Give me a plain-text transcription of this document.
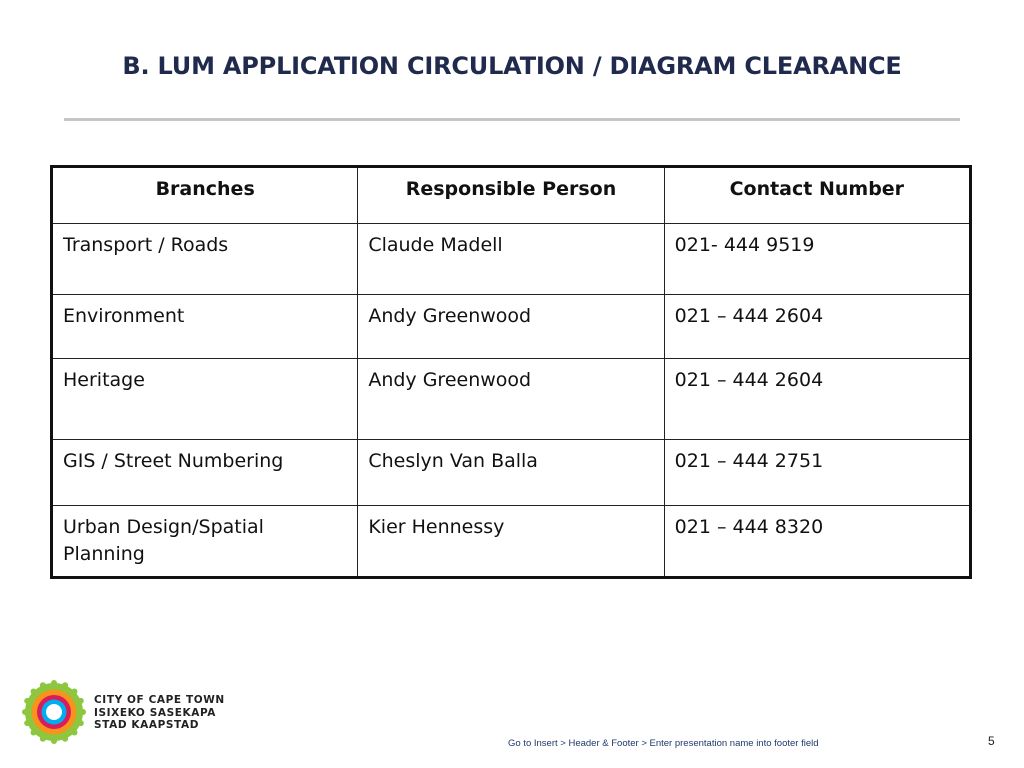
B. LUM APPLICATION CIRCULATION / DIAGRAM CLEARANCE
Branches	Responsible Person	Contact Number
Transport / Roads	Claude Madell	021- 444 9519
Environment	Andy Greenwood	021 – 444 2604
Heritage	Andy Greenwood	021 – 444 2604
GIS / Street Numbering	Cheslyn Van Balla	021 – 444 2751
Urban Design/Spatial Planning	Kier Hennessy	021 – 444 8320
CITY OF CAPE TOWN
ISIXEKO SASEKAPA
STAD KAAPSTAD
Go to Insert > Header & Footer > Enter presentation name into footer field	5
